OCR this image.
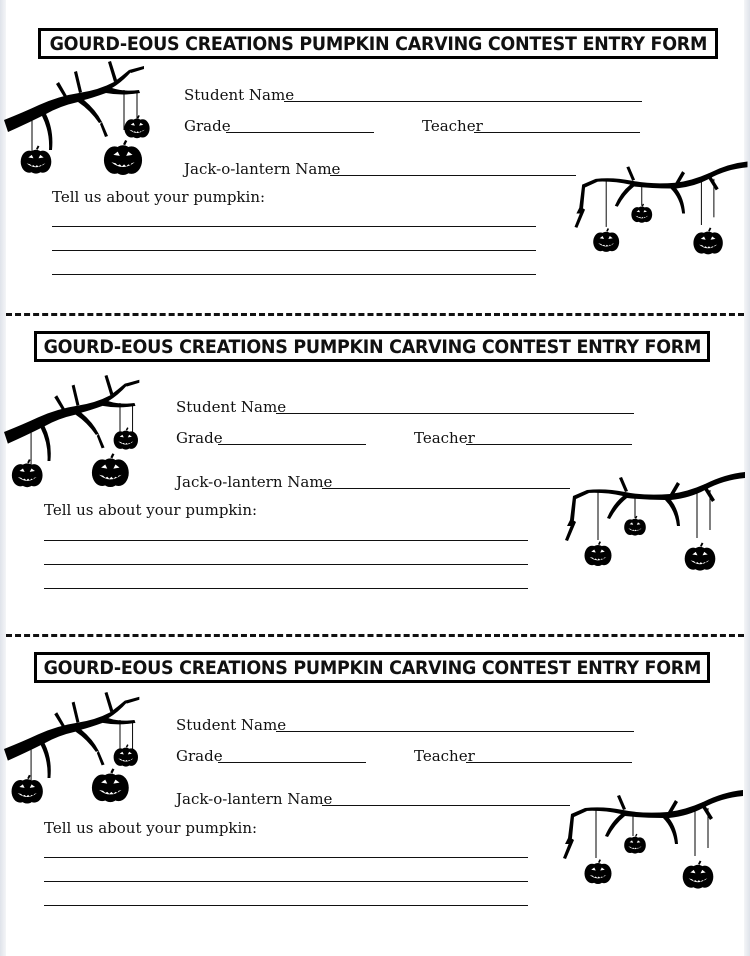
GOURD-EOUS CREATIONS PUMPKIN CARVING CONTEST ENTRY FORM
Student Name
Grade	Teacher
Jack-o-lantern Name
Tell us about your pumpkin:
GOURD-EOUS CREATIONS PUMPKIN CARVING CONTEST ENTRY FORM
Student Name
Grade	Teacher
Jack-o-lantern Name
Tell us about your pumpkin:
GOURD-EOUS CREATIONS PUMPKIN CARVING CONTEST ENTRY FORM
Student Name
Grade	Teacher
Jack-o-lantern Name
Tell us about your pumpkin:
